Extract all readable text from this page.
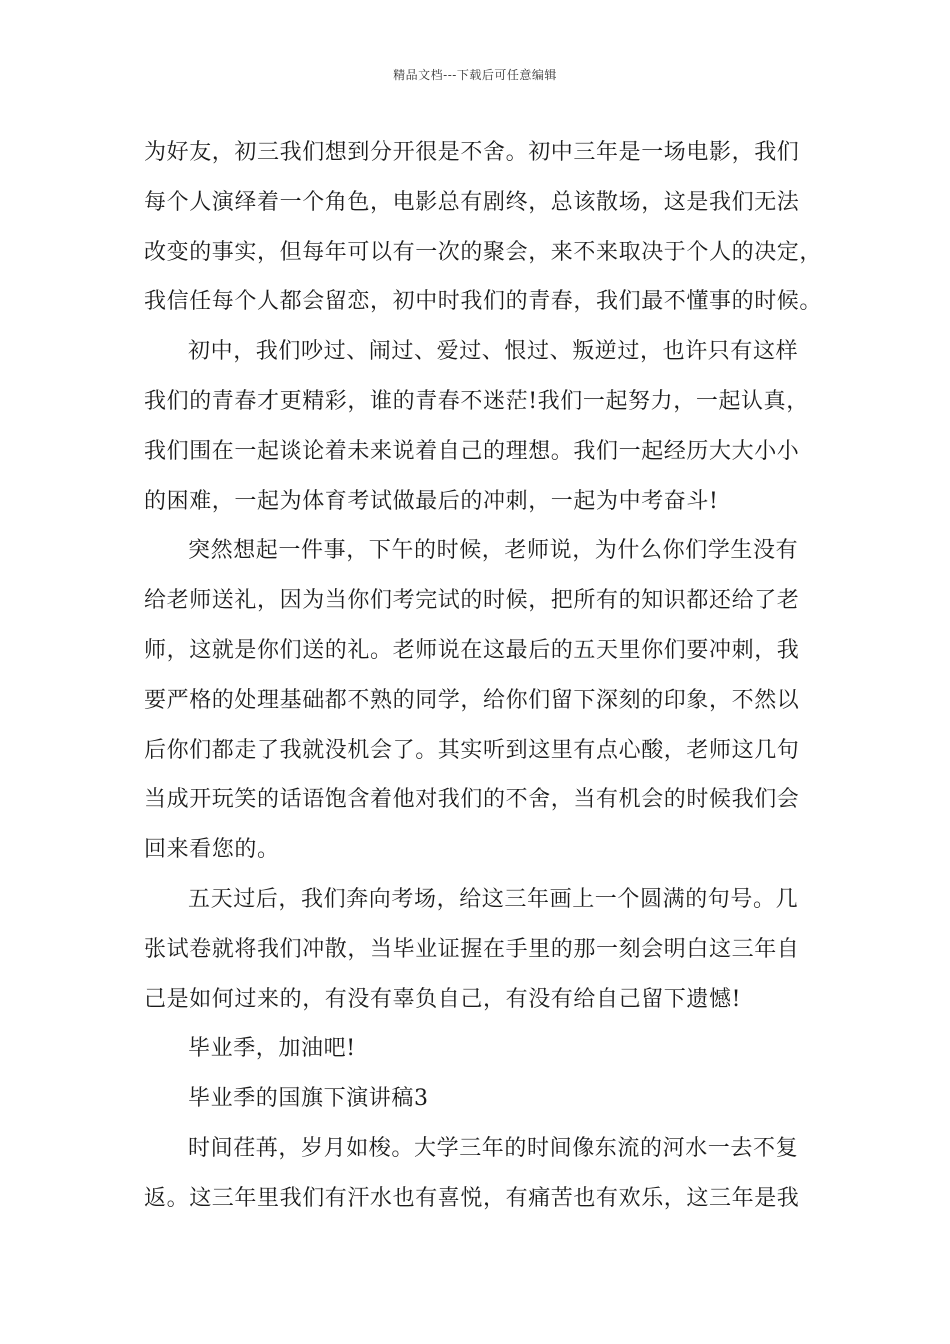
精品文档---下载后可任意编辑
为好友，初三我们想到分开很是不舍。初中三年是一场电影，我们
每个人演绎着一个角色，电影总有剧终，总该散场，这是我们无法
改变的事实，但每年可以有一次的聚会，来不来取决于个人的决定，
我信任每个人都会留恋，初中时我们的青春，我们最不懂事的时候。
初中，我们吵过、闹过、爱过、恨过、叛逆过，也许只有这样
我们的青春才更精彩，谁的青春不迷茫!我们一起努力，一起认真，
我们围在一起谈论着未来说着自己的理想。我们一起经历大大小小
的困难，一起为体育考试做最后的冲刺，一起为中考奋斗!
突然想起一件事，下午的时候，老师说，为什么你们学生没有
给老师送礼，因为当你们考完试的时候，把所有的知识都还给了老
师，这就是你们送的礼。老师说在这最后的五天里你们要冲刺，我
要严格的处理基础都不熟的同学，给你们留下深刻的印象，不然以
后你们都走了我就没机会了。其实听到这里有点心酸，老师这几句
当成开玩笑的话语饱含着他对我们的不舍，当有机会的时候我们会
回来看您的。
五天过后，我们奔向考场，给这三年画上一个圆满的句号。几
张试卷就将我们冲散，当毕业证握在手里的那一刻会明白这三年自
己是如何过来的，有没有辜负自己，有没有给自己留下遗憾!
毕业季，加油吧!
毕业季的国旗下演讲稿3
时间荏苒，岁月如梭。大学三年的时间像东流的河水一去不复
返。这三年里我们有汗水也有喜悦，有痛苦也有欢乐，这三年是我
